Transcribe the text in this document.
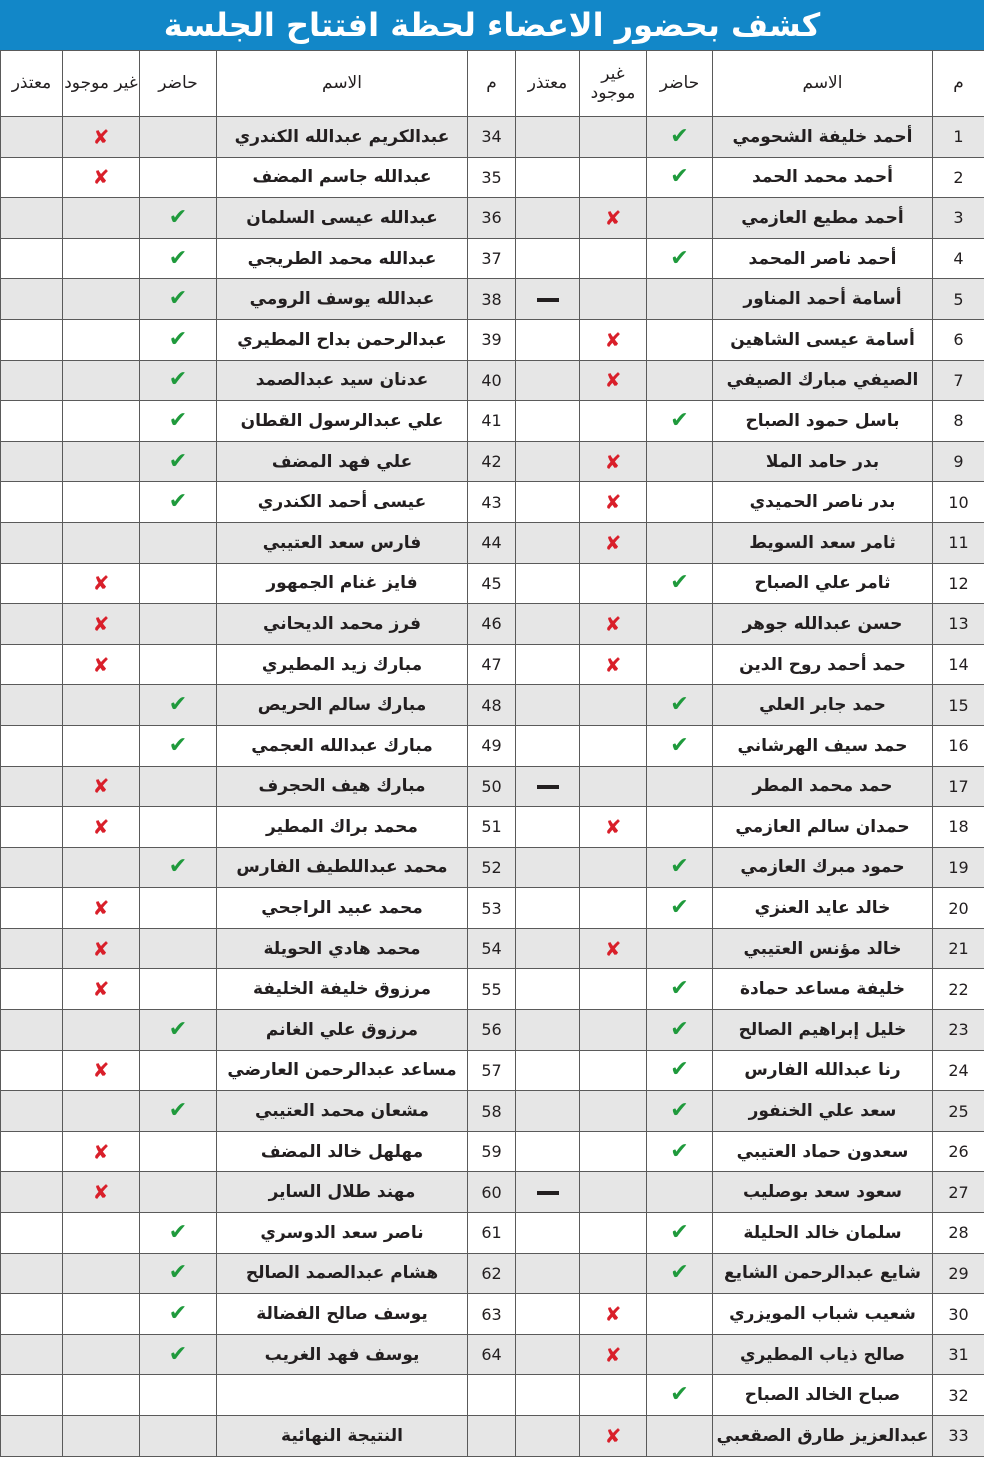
كشف بحضور الاعضاء لحظة افتتاح الجلسة
م	الاسم	حاضر	غير موجود	معتذر	م	الاسم	حاضر	غير موجود	معتذر
1	أحمد خليفة الشحومي	✔			34	عبدالكريم عبدالله الكندري		✘	
2	أحمد محمد الحمد	✔			35	عبدالله جاسم المضف		✘	
3	أحمد مطيع العازمي		✘		36	عبدالله عيسى السلمان	✔		
4	أحمد ناصر المحمد	✔			37	عبدالله محمد الطريجي	✔		
5	أسامة أحمد المناور				38	عبدالله يوسف الرومي	✔		
6	أسامة عيسى الشاهين		✘		39	عبدالرحمن بداح المطيري	✔		
7	الصيفي مبارك الصيفي		✘		40	عدنان سيد عبدالصمد	✔		
8	باسل حمود الصباح	✔			41	علي عبدالرسول القطان	✔		
9	بدر حامد الملا		✘		42	علي فهد المضف	✔		
10	بدر ناصر الحميدي		✘		43	عيسى أحمد الكندري	✔		
11	ثامر سعد السويط		✘		44	فارس سعد العتيبي			
12	ثامر علي الصباح	✔			45	فايز غنام الجمهور		✘	
13	حسن عبدالله جوهر		✘		46	فرز محمد الديحاني		✘	
14	حمد أحمد روح الدين		✘		47	مبارك زيد المطيري		✘	
15	حمد جابر العلي	✔			48	مبارك سالم الحريص	✔		
16	حمد سيف الهرشاني	✔			49	مبارك عبدالله العجمي	✔		
17	حمد محمد المطر				50	مبارك هيف الحجرف		✘	
18	حمدان سالم العازمي		✘		51	محمد براك المطير		✘	
19	حمود مبرك العازمي	✔			52	محمد عبداللطيف الفارس	✔		
20	خالد عايد العنزي	✔			53	محمد عبيد الراجحي		✘	
21	خالد مؤنس العتيبي		✘		54	محمد هادي الحويلة		✘	
22	خليفة مساعد حمادة	✔			55	مرزوق خليفة الخليفة		✘	
23	خليل إبراهيم الصالح	✔			56	مرزوق علي الغانم	✔		
24	رنا عبدالله الفارس	✔			57	مساعد عبدالرحمن العارضي		✘	
25	سعد علي الخنفور	✔			58	مشعان محمد العتيبي	✔		
26	سعدون حماد العتيبي	✔			59	مهلهل خالد المضف		✘	
27	سعود سعد بوصليب				60	مهند طلال الساير		✘	
28	سلمان خالد الحليلة	✔			61	ناصر سعد الدوسري	✔		
29	شايع عبدالرحمن الشايع	✔			62	هشام عبدالصمد الصالح	✔		
30	شعيب شباب المويزري		✘		63	يوسف صالح الفضالة	✔		
31	صالح ذياب المطيري		✘		64	يوسف فهد الغريب	✔		
32	صباح الخالد الصباح	✔							
33	عبدالعزيز طارق الصقعبي		✘			النتيجة النهائية			
